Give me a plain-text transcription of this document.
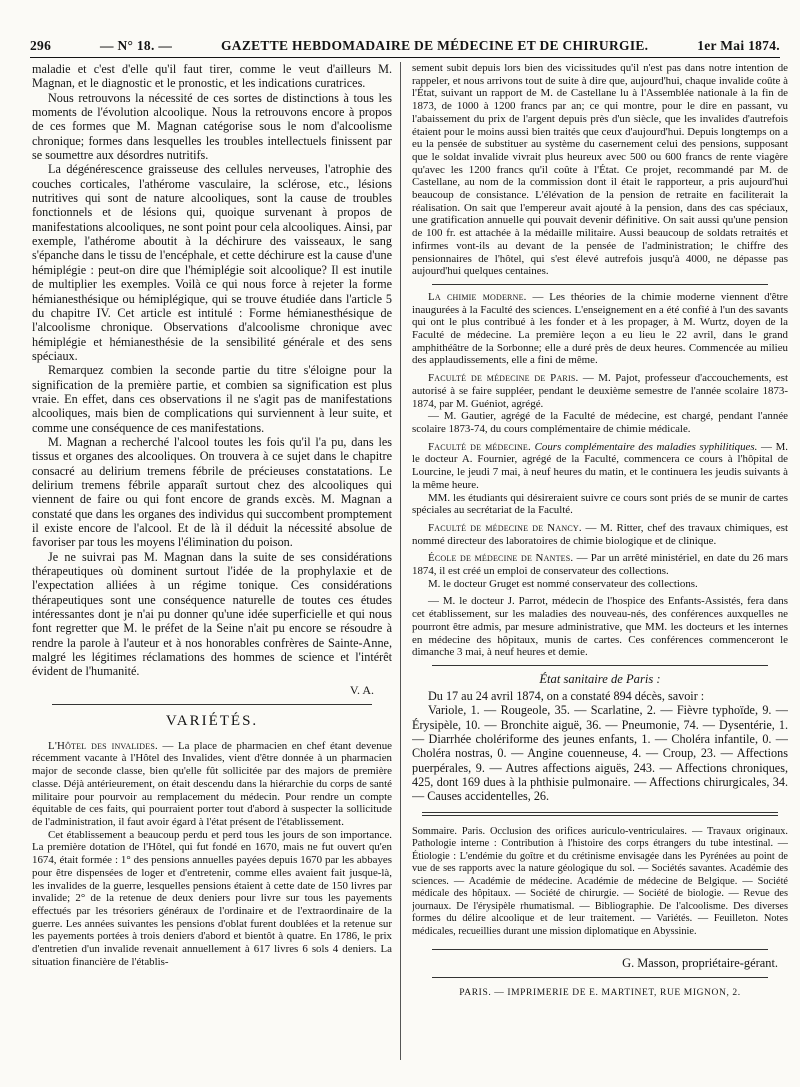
296	— N° 18. —	GAZETTE HEBDOMADAIRE DE MÉDECINE ET DE CHIRURGIE.	1er Mai 1874.

maladie et c'est d'elle qu'il faut tirer, comme le veut d'ailleurs M. Magnan, et le diagnostic et le pronostic, et les indications curatrices.

Nous retrouvons la nécessité de ces sortes de distinctions à tous les moments de l'évolution alcoolique. Nous la retrouvons encore à propos de ces formes que M. Magnan catégorise sous le nom d'alcoolisme chronique; formes dans lesquelles les troubles intellectuels finissent par se soumettre aux désordres nutritifs.

La dégénérescence graisseuse des cellules nerveuses, l'atrophie des couches corticales, l'athérome vasculaire, la sclérose, etc., lésions nutritives qui sont de nature alcooliques, sont la cause de troubles fonctionnels et de lésions qui, quoique survenant à propos de manifestations alcooliques, ne sont point pour cela alcooliques. Ainsi, par exemple, l'athérome aboutit à la déchirure des vaisseaux, le sang s'épanche dans le tissu de l'encéphale, et cette déchirure est la cause d'une hémiplégie : peut-on dire que l'hémiplégie soit alcoolique? Il est inutile de multiplier les exemples. Voilà ce qui nous force à rejeter la forme hémianesthésique ou hémiplégique, qui se trouve étudiée dans l'article 5 du chapitre IV. Cet article est intitulé : Forme hémianesthésique de l'alcoolisme chronique. Observations d'alcoolisme chronique avec hémiplégie et hémianesthésie de la sensibilité générale et des sens spéciaux.

Remarquez combien la seconde partie du titre s'éloigne pour la signification de la première partie, et combien sa signification est plus vraie. En effet, dans ces observations il ne s'agit pas de manifestations alcooliques, mais bien de complications qui surviennent à leur suite, et comme une conséquence de ces manifestations.

M. Magnan a recherché l'alcool toutes les fois qu'il l'a pu, dans les tissus et organes des alcooliques. On trouvera à ce sujet dans le chapitre consacré au delirium tremens fébrile de précieuses constatations. Le delirium tremens fébrile apparaît surtout chez des alcooliques qui viennent de faire ou qui font encore de grands excès. M. Magnan a constaté que dans les organes des individus qui succombent promptement il existe encore de l'alcool. Et de là il déduit la nécessité absolue de favoriser par tous les moyens l'élimination du poison.

Je ne suivrai pas M. Magnan dans la suite de ses considérations thérapeutiques où dominent surtout l'idée de la prophylaxie et de l'expectation alliées à un régime tonique. Ces considérations thérapeutiques sont une conséquence naturelle de toutes ces études intéressantes dont je n'ai pu donner qu'une idée superficielle et qui nous font regretter que M. le préfet de la Seine n'ait pu encore se résoudre à rendre la parole à l'auteur et à nos honorables confrères de Sainte-Anne, malgré les légitimes réclamations des hommes de science et l'intérêt évident de l'humanité.

V. A.
VARIÉTÉS.

L'Hôtel des invalides. — La place de pharmacien en chef étant devenue récemment vacante à l'Hôtel des Invalides, vient d'être donnée à un pharmacien major de seconde classe, bien qu'elle fût sollicitée par des majors de première classe. Déjà antérieurement, on était descendu dans la hiérarchie du corps de santé militaire pour pourvoir au remplacement du médecin. Pour rendre un compte équitable de ces faits, qui pourraient porter tout d'abord à suspecter la sollicitude de l'administration, il faut avoir égard à l'état présent de l'établissement.

Cet établissement a beaucoup perdu et perd tous les jours de son importance. La première dotation de l'Hôtel, qui fut fondé en 1670, mais ne fut ouvert qu'en 1674, était formée : 1° des pensions annuelles payées depuis 1670 par les abbayes pour être dispensées de loger et d'entretenir, comme elles avaient fait jusque-là, les invalides de la guerre, lesquelles pensions étaient à cette date de 150 livres par invalide; 2° de la retenue de deux deniers pour livre sur tous les payements effectués par les trésoriers généraux de l'ordinaire et de l'extraordinaire de la guerre. Les années suivantes les pensions d'oblat furent doublées et la retenue sur les payements portées à trois deniers d'abord et bientôt à quatre. En 1786, le prix d'entretien d'un invalide revenait annuellement à 617 livres 6 sols 4 deniers. La situation financière de l'établis-

sement subit depuis lors bien des vicissitudes qu'il n'est pas dans notre intention de rappeler, et nous arrivons tout de suite à dire que, aujourd'hui, chaque invalide coûte à l'État, suivant un rapport de M. de Castellane lu à l'Assemblée nationale à la fin de 1873, de 1000 à 1200 francs par an; ce qui montre, pour le dire en passant, vu l'abaissement du prix de l'argent depuis près d'un siècle, que les invalides d'autrefois étaient pour le moins aussi bien traités que ceux d'aujourd'hui. Depuis longtemps on a eu la pensée de substituer au système du casernement celui des pensions, supposant que le soldat invalide vivrait plus heureux avec 500 ou 600 francs de rente viagère qu'avec les 1200 francs qu'il coûte à l'État. Ce projet, recommandé par M. de Castellane, au nom de la commission dont il était le rapporteur, a pris aujourd'hui beaucoup de consistance. L'élévation de la pension de retraite en faciliterait la réalisation. On sait que l'empereur avait ajouté à la pension, dans des cas spéciaux, une gratification annuelle qui pouvait devenir définitive. On sait aussi qu'une pension de 100 fr. est attachée à la médaille militaire. Aussi beaucoup de soldats retraités et infirmes vont-ils au devant de la pensée de l'administration; le chiffre des pensionnaires de l'hôtel, qui s'est élevé autrefois jusqu'à 4000, ne dépasse pas aujourd'hui quelques centaines.

La chimie moderne. — Les théories de la chimie moderne viennent d'être inaugurées à la Faculté des sciences. L'enseignement en a été confié à l'un des savants qui ont le plus contribué à les fonder et à les propager, à M. Wurtz, doyen de la Faculté de médecine. La première leçon a eu lieu le 22 avril, dans le grand amphithéâtre de la Sorbonne; elle a duré près de deux heures. Commencée au milieu des applaudissements, elle a fini de même.

Faculté de médecine de Paris. — M. Pajot, professeur d'accouchements, est autorisé à se faire suppléer, pendant le deuxième semestre de l'année scolaire 1873-1874, par M. Guéniot, agrégé.

— M. Gautier, agrégé de la Faculté de médecine, est chargé, pendant l'année scolaire 1873-74, du cours complémentaire de chimie médicale.

Faculté de médecine. Cours complémentaire des maladies syphilitiques. — M. le docteur A. Fournier, agrégé de la Faculté, commencera ce cours à l'hôpital de Lourcine, le jeudi 7 mai, à neuf heures du matin, et le continuera les jeudis suivants à la même heure.

MM. les étudiants qui désireraient suivre ce cours sont priés de se munir de cartes spéciales au secrétariat de la Faculté.

Faculté de médecine de Nancy. — M. Ritter, chef des travaux chimiques, est nommé directeur des laboratoires de chimie biologique et de clinique.

École de médecine de Nantes. — Par un arrêté ministériel, en date du 26 mars 1874, il est créé un emploi de conservateur des collections.

M. le docteur Gruget est nommé conservateur des collections.

— M. le docteur J. Parrot, médecin de l'hospice des Enfants-Assistés, fera dans cet établissement, sur les maladies des nouveau-nés, des conférences auxquelles ne pourront être admis, par mesure administrative, que MM. les docteurs et les internes en médecine des hôpitaux, munis de cartes. Ces conférences commenceront le dimanche 3 mai, à neuf heures et demie.

État sanitaire de Paris :

Du 17 au 24 avril 1874, on a constaté 894 décès, savoir :

Variole, 1. — Rougeole, 35. — Scarlatine, 2. — Fièvre typhoïde, 9. — Érysipèle, 10. — Bronchite aiguë, 36. — Pneumonie, 74. — Dysentérie, 1. — Diarrhée cholériforme des jeunes enfants, 1. — Choléra infantile, 0. — Choléra nostras, 0. — Angine couenneuse, 4. — Croup, 23. — Affections puerpérales, 9. — Autres affections aiguës, 243. — Affections chroniques, 425, dont 169 dues à la phthisie pulmonaire. — Affections chirurgicales, 34. — Causes accidentelles, 26.

Sommaire. Paris. Occlusion des orifices auriculo-ventriculaires. — Travaux originaux. Pathologie interne : Contribution à l'histoire des corps étrangers du tube intestinal. — Étiologie : L'endémie du goître et du crétinisme envisagée dans les Pyrénées au point de vue de ses rapports avec la nature géologique du sol. — Sociétés savantes. Académie des sciences. — Académie de médecine. Académie de médecine de Belgique. — Société médicale des hôpitaux. — Société de chirurgie. — Société de biologie. — Revue des journaux. De l'érysipèle rhumatismal. — Bibliographie. De l'alcoolisme. Des diverses formes du délire alcoolique et de leur traitement. — Variétés. — Feuilleton. Notes médicales, recueillies durant une mission diplomatique en Abyssinie.

G. Masson, propriétaire-gérant.
PARIS. — IMPRIMERIE DE E. MARTINET, RUE MIGNON, 2.
